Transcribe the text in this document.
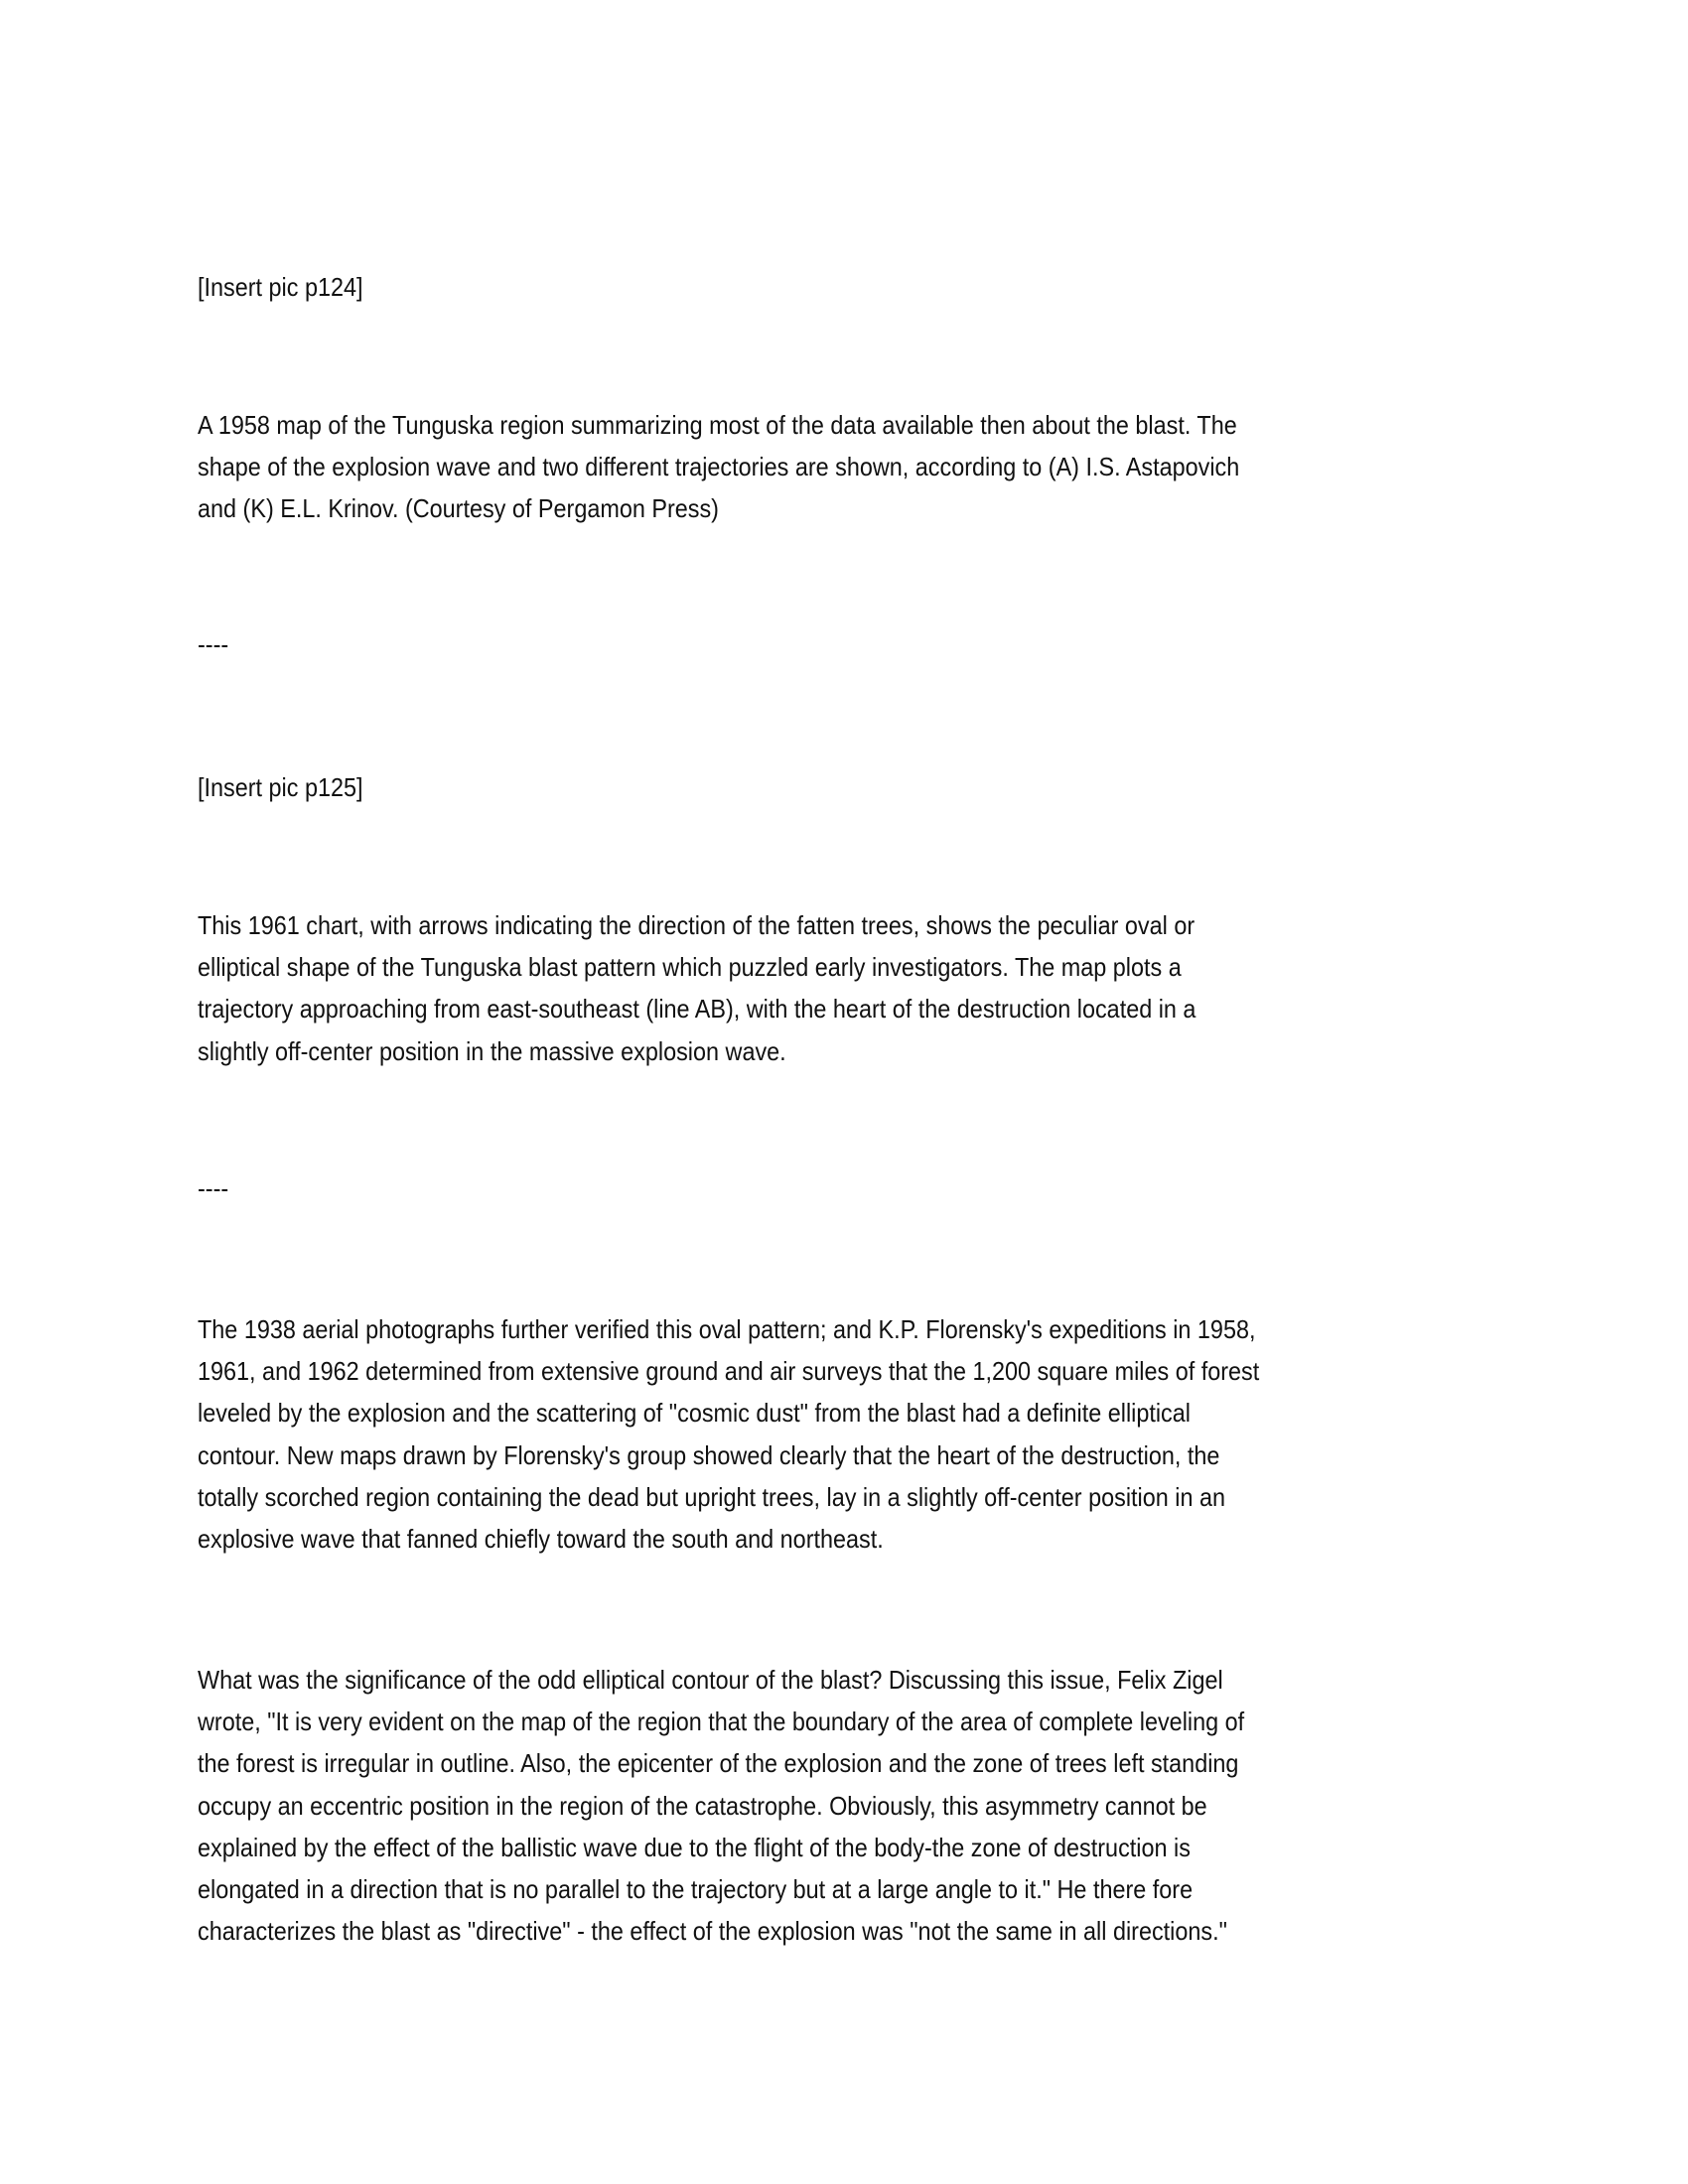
[Insert pic p124]
A 1958 map of the Tunguska region summarizing most of the data available then about the blast. The
shape of the explosion wave and two different trajectories are shown, according to (A) I.S. Astapovich
and (K) E.L. Krinov. (Courtesy of Pergamon Press)
----
[Insert pic p125]
This 1961 chart, with arrows indicating the direction of the fatten trees, shows the peculiar oval or
elliptical shape of the Tunguska blast pattern which puzzled early investigators. The map plots a
trajectory approaching from east-southeast (line AB), with the heart of the destruction located in a
slightly off-center position in the massive explosion wave.
----
The 1938 aerial photographs further verified this oval pattern; and K.P. Florensky's expeditions in 1958,
1961, and 1962 determined from extensive ground and air surveys that the 1,200 square miles of forest
leveled by the explosion and the scattering of "cosmic dust" from the blast had a definite elliptical
contour. New maps drawn by Florensky's group showed clearly that the heart of the destruction, the
totally scorched region containing the dead but upright trees, lay in a slightly off-center position in an
explosive wave that fanned chiefly toward the south and northeast.
What was the significance of the odd elliptical contour of the blast? Discussing this issue, Felix Zigel
wrote, "It is very evident on the map of the region that the boundary of the area of complete leveling of
the forest is irregular in outline. Also, the epicenter of the explosion and the zone of trees left standing
occupy an eccentric position in the region of the catastrophe. Obviously, this asymmetry cannot be
explained by the effect of the ballistic wave due to the flight of the body-the zone of destruction is
elongated in a direction that is no parallel to the trajectory but at a large angle to it." He there fore
characterizes the blast as "directive" - the effect of the explosion was "not the same in all directions."
